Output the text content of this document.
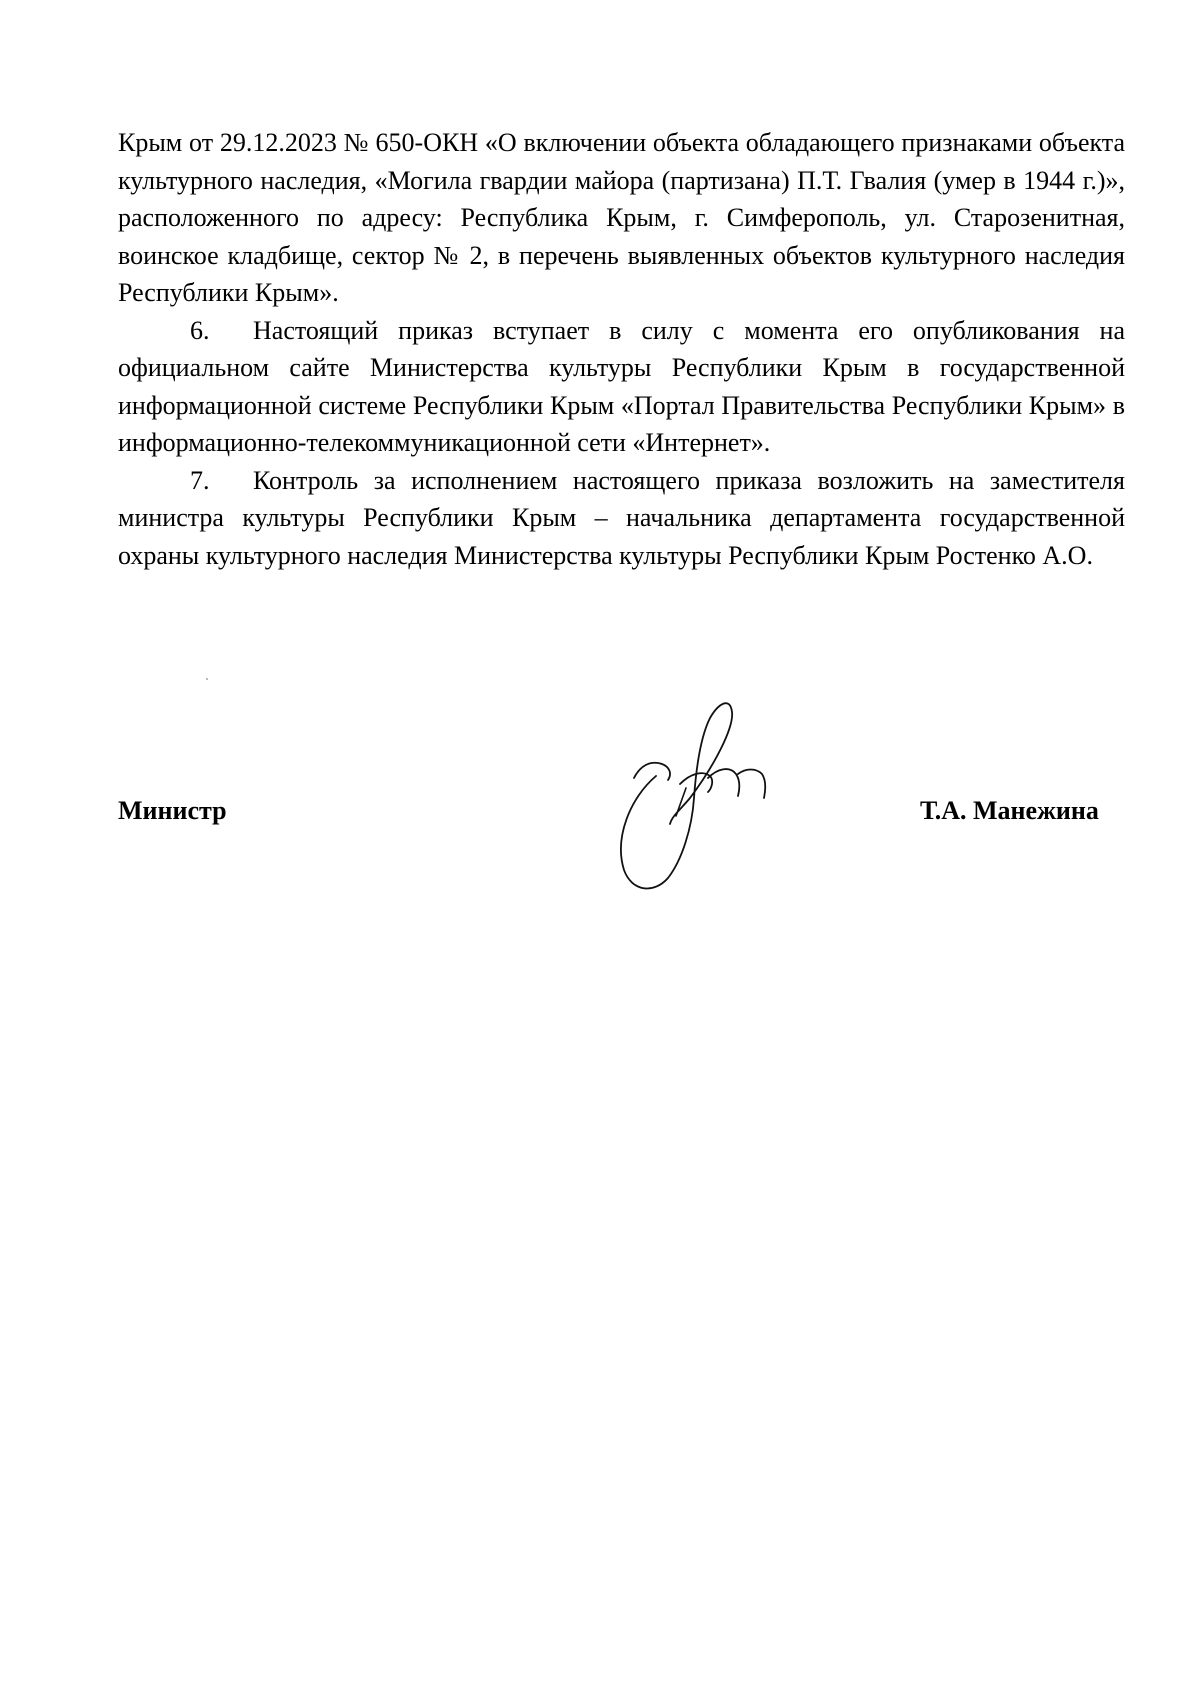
Крым от 29.12.2023 № 650-ОКН «О включении объекта обладающего признаками объекта культурного наследия, «Могила гвардии майора (партизана) П.Т. Гвалия (умер в 1944 г.)», расположенного по адресу: Республика Крым, г. Симферополь, ул. Старозенитная, воинское кладбище, сектор № 2, в перечень выявленных объектов культурного наследия Республики Крым».

6. Настоящий приказ вступает в силу с момента его опубликования на официальном сайте Министерства культуры Республики Крым в государственной информационной системе Республики Крым «Портал Правительства Республики Крым» в информационно-телекоммуникационной сети «Интернет».

7. Контроль за исполнением настоящего приказа возложить на заместителя министра культуры Республики Крым – начальника департамента государственной охраны культурного наследия Министерства культуры Республики Крым Ростенко А.О.

Министр	Т.А. Манежина
